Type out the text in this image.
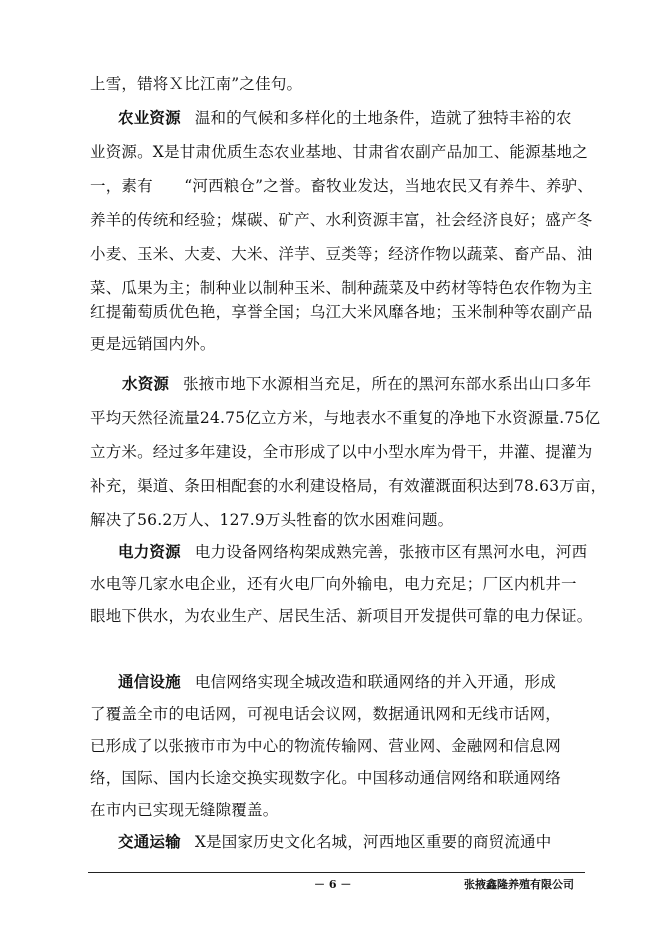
上雪，错将Ｘ比江南”之佳句。
农业资源 温和的气候和多样化的土地条件，造就了独特丰裕的农
业资源。X是甘肃优质生态农业基地、甘肃省农副产品加工、能源基地之
一，素有　　“河西粮仓”之誉。畜牧业发达，当地农民又有养牛、养驴、
养羊的传统和经验；煤碳、矿产、水利资源丰富，社会经济良好；盛产冬
小麦、玉米、大麦、大米、洋芋、豆类等；经济作物以蔬菜、畜产品、油
菜、瓜果为主；制种业以制种玉米、制种蔬菜及中药材等特色农作物为主
红提葡萄质优色艳，享誉全国；乌江大米风靡各地；玉米制种等农副产品
更是远销国内外。
水资源 张掖市地下水源相当充足，所在的黑河东部水系出山口多年
平均天然径流量24.75亿立方米，与地表水不重复的净地下水资源量.75亿
立方米。经过多年建设，全市形成了以中小型水库为骨干，井灌、提灌为
补充，渠道、条田相配套的水利建设格局，有效灌溉面积达到78.63万亩，
解决了56.2万人、127.9万头牲畜的饮水困难问题。
电力资源 电力设备网络构架成熟完善，张掖市区有黑河水电，河西
水电等几家水电企业，还有火电厂向外输电，电力充足；厂区内机井一
眼地下供水，为农业生产、居民生活、新项目开发提供可靠的电力保证。
通信设施 电信网络实现全城改造和联通网络的并入开通，形成
了覆盖全市的电话网，可视电话会议网，数据通讯网和无线市话网，
已形成了以张掖市市为中心的物流传输网、营业网、金融网和信息网
络，国际、国内长途交换实现数字化。中国移动通信网络和联通网络
在市内已实现无缝隙覆盖。
交通运输 X是国家历史文化名城，河西地区重要的商贸流通中
－ 6 －	张掖鑫隆养殖有限公司
